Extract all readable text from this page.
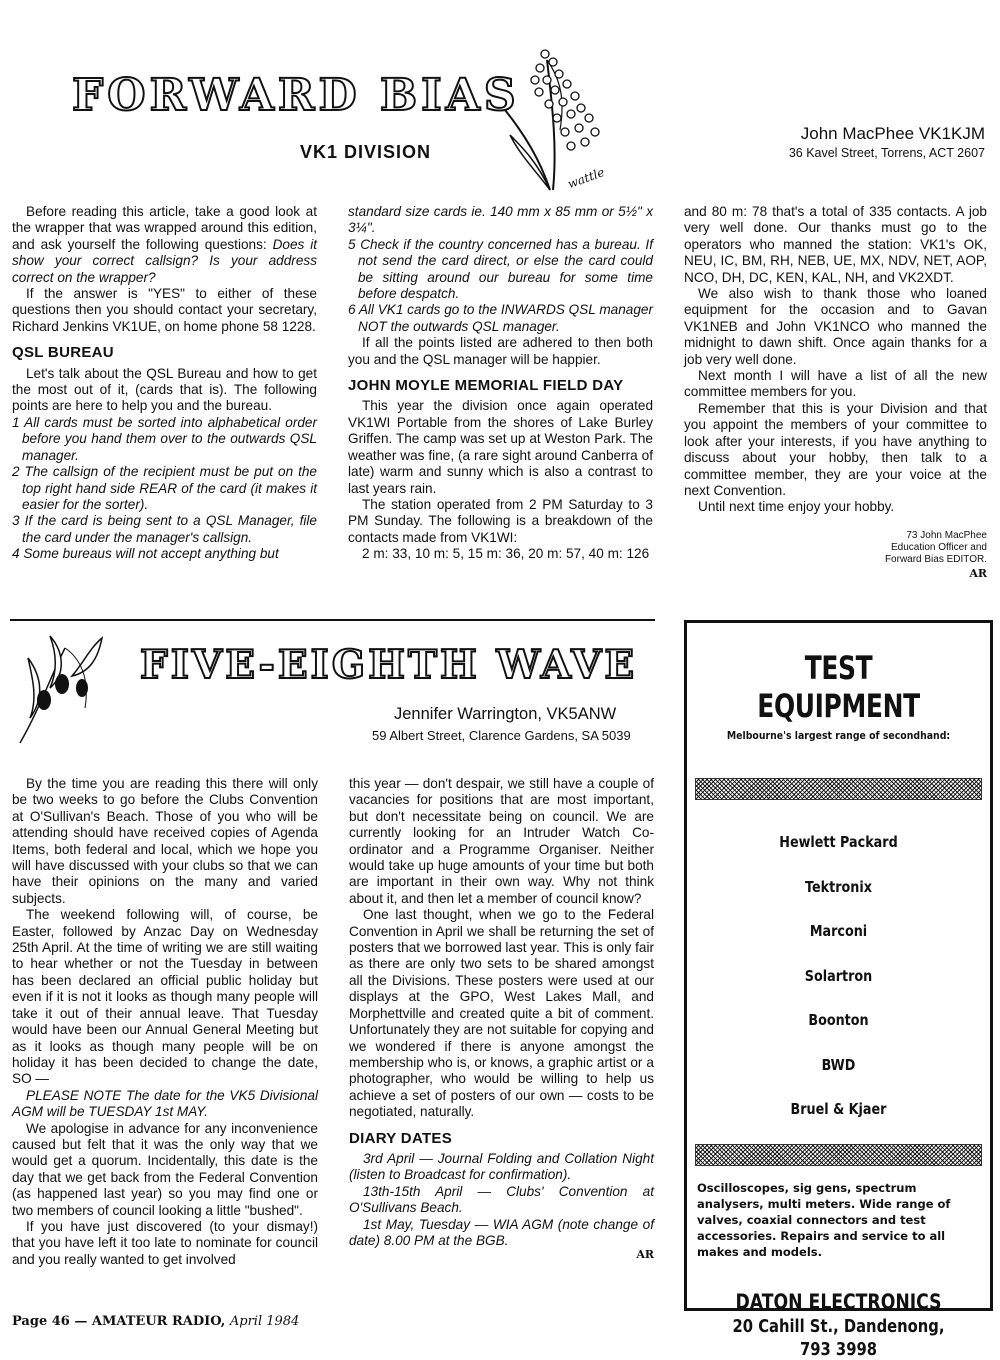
FORWARD BIAS
VK1 DIVISION
wattle
John MacPhee VK1KJM
36 Kavel Street, Torrens, ACT 2607

Before reading this article, take a good look at the wrapper that was wrapped around this edition, and ask yourself the following questions: Does it show your correct callsign? Is your address correct on the wrapper?

If the answer is "YES" to either of these questions then you should contact your secretary, Richard Jenkins VK1UE, on home phone 58 1228.

QSL BUREAU

Let's talk about the QSL Bureau and how to get the most out of it, (cards that is). The following points are here to help you and the bureau.

1 All cards must be sorted into alphabetical order before you hand them over to the outwards QSL manager.

2 The callsign of the recipient must be put on the top right hand side REAR of the card (it makes it easier for the sorter).

3 If the card is being sent to a QSL Manager, file the card under the manager's callsign.

4 Some bureaus will not accept anything but

standard size cards ie. 140 mm x 85 mm or 5½" x 3¼".

5 Check if the country concerned has a bureau. If not send the card direct, or else the card could be sitting around our bureau for some time before despatch.

6 All VK1 cards go to the INWARDS QSL manager NOT the outwards QSL manager.

If all the points listed are adhered to then both you and the QSL manager will be happier.

JOHN MOYLE MEMORIAL FIELD DAY

This year the division once again operated VK1WI Portable from the shores of Lake Burley Griffen. The camp was set up at Weston Park. The weather was fine, (a rare sight around Canberra of late) warm and sunny which is also a contrast to last years rain.

The station operated from 2 PM Saturday to 3 PM Sunday. The following is a breakdown of the contacts made from VK1WI:

2 m: 33, 10 m: 5, 15 m: 36, 20 m: 57, 40 m: 126

and 80 m: 78 that's a total of 335 contacts. A job very well done. Our thanks must go to the operators who manned the station: VK1's OK, NEU, IC, BM, RH, NEB, UE, MX, NDV, NET, AOP, NCO, DH, DC, KEN, KAL, NH, and VK2XDT.

We also wish to thank those who loaned equipment for the occasion and to Gavan VK1NEB and John VK1NCO who manned the midnight to dawn shift. Once again thanks for a job very well done.

Next month I will have a list of all the new committee members for you.

Remember that this is your Division and that you appoint the members of your committee to look after your interests, if you have anything to discuss about your hobby, then talk to a committee member, they are your voice at the next Convention.

Until next time enjoy your hobby.

73 John MacPhee
Education Officer and
Forward Bias EDITOR.
AR
FIVE-EIGHTH WAVE
Jennifer Warrington, VK5ANW
59 Albert Street, Clarence Gardens, SA 5039

By the time you are reading this there will only be two weeks to go before the Clubs Convention at O'Sullivan's Beach. Those of you who will be attending should have received copies of Agenda Items, both federal and local, which we hope you will have discussed with your clubs so that we can have their opinions on the many and varied subjects.

The weekend following will, of course, be Easter, followed by Anzac Day on Wednesday 25th April. At the time of writing we are still waiting to hear whether or not the Tuesday in between has been declared an official public holiday but even if it is not it looks as though many people will take it out of their annual leave. That Tuesday would have been our Annual General Meeting but as it looks as though many people will be on holiday it has been decided to change the date, SO —

PLEASE NOTE The date for the VK5 Divisional AGM will be TUESDAY 1st MAY.

We apologise in advance for any inconvenience caused but felt that it was the only way that we would get a quorum. Incidentally, this date is the day that we get back from the Federal Convention (as happened last year) so you may find one or two members of council looking a little "bushed".

If you have just discovered (to your dismay!) that you have left it too late to nominate for council and you really wanted to get involved

this year — don't despair, we still have a couple of vacancies for positions that are most important, but don't necessitate being on council. We are currently looking for an Intruder Watch Co-ordinator and a Programme Organiser. Neither would take up huge amounts of your time but both are important in their own way. Why not think about it, and then let a member of council know?

One last thought, when we go to the Federal Convention in April we shall be returning the set of posters that we borrowed last year. This is only fair as there are only two sets to be shared amongst all the Divisions. These posters were used at our displays at the GPO, West Lakes Mall, and Morphettville and created quite a bit of comment. Unfortunately they are not suitable for copying and we wondered if there is anyone amongst the membership who is, or knows, a graphic artist or a photographer, who would be willing to help us achieve a set of posters of our own — costs to be negotiated, naturally.

DIARY DATES

3rd April — Journal Folding and Collation Night (listen to Broadcast for confirmation).

13th-15th April — Clubs' Convention at O'Sullivans Beach.

1st May, Tuesday — WIA AGM (note change of date) 8.00 PM at the BGB.

AR
TEST EQUIPMENT
Melbourne's largest range of secondhand:
Hewlett Packard
Tektronix
Marconi
Solartron
Boonton
BWD
Bruel & Kjaer
Oscilloscopes, sig gens, spectrum analysers, multi meters. Wide range of valves, coaxial connectors and test accessories. Repairs and service to all makes and models.
DATON ELECTRONICS
20 Cahill St., Dandenong,
793 3998
Page 46 — AMATEUR RADIO, April 1984
